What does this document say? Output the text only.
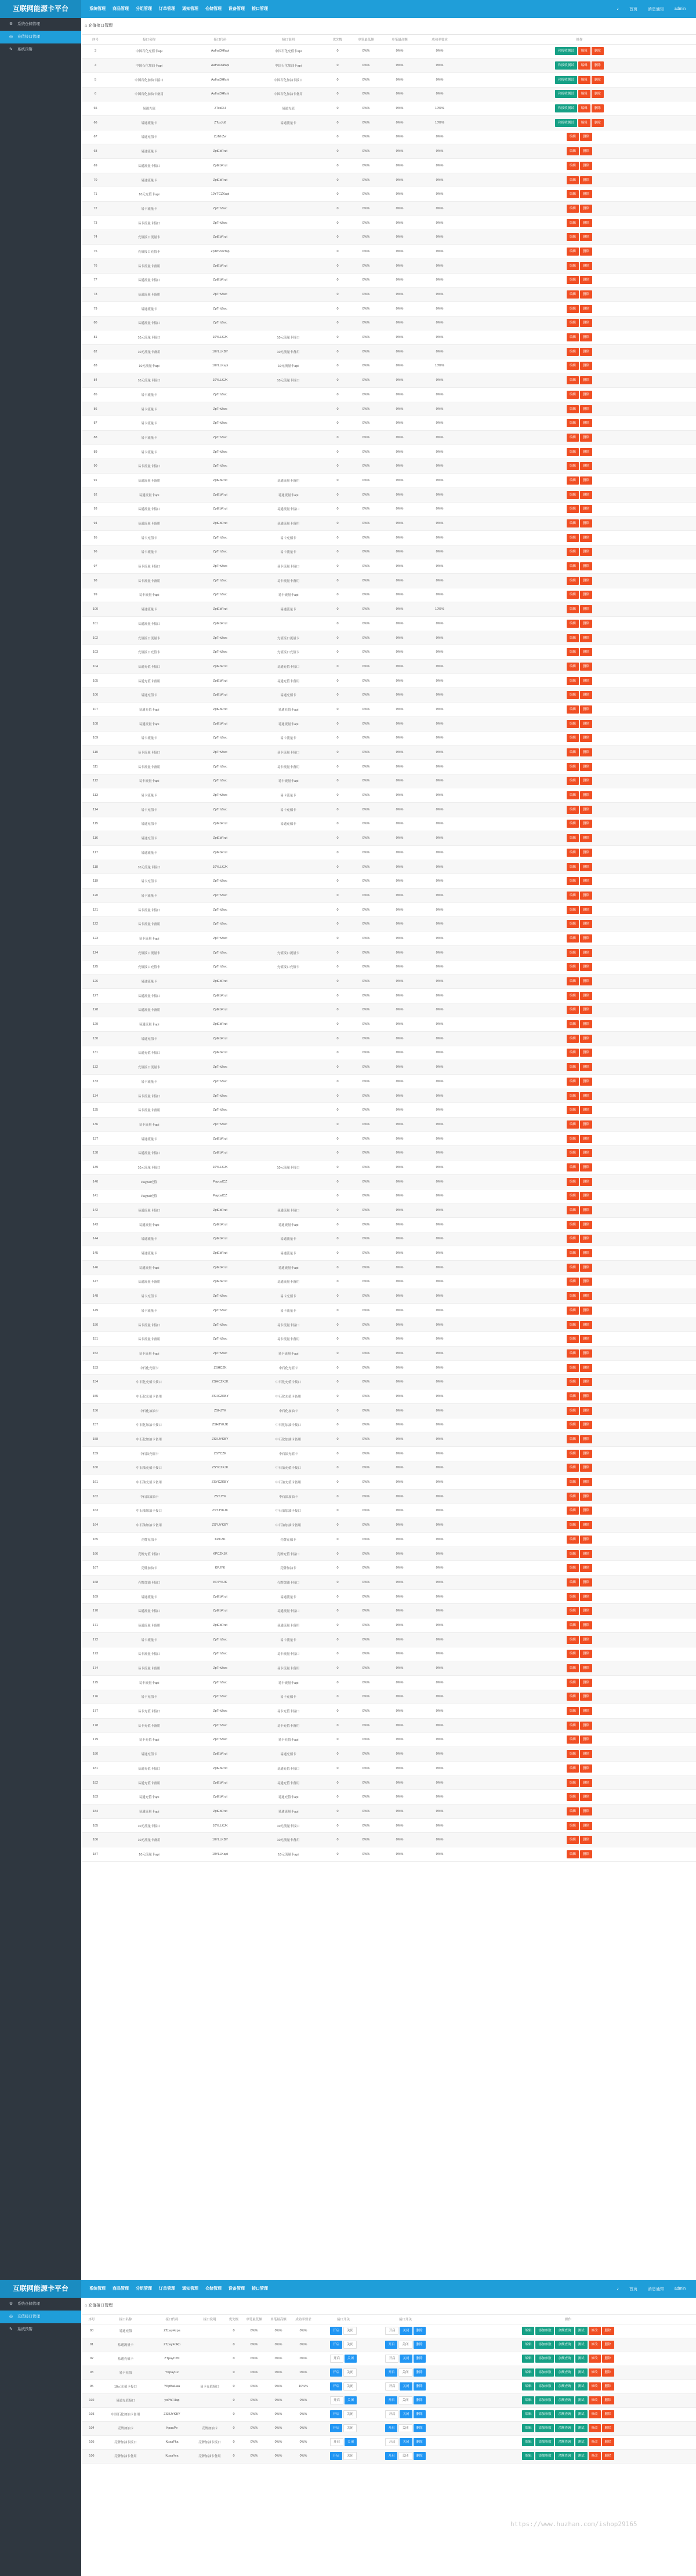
互联网能源卡平台	系统管理	商品管理	分组管理	订单管理	通知管理	仓储管理	设备管理	接口管理	♪	首页	消息通知	admin
⚙ 系统仓储管理
◎ 充值接口管理
✎ 系统预警
⌂ 充值接口管理
序号	接口名称	接口代码	接口说明	优先级	单笔最低额	单笔最高额	成功率要求	操作
3	中国石化充值卡api	AafhaDHfapi	中国石化充值卡api	0	0%%	0%%	0%%	和接收测试 编辑 删除
4	中国石化加油卡api	AafhaDHfapi	中国石化加油卡api	0	0%%	0%%	0%%	和接收测试 编辑 删除
5	中国石化加油卡接口	AafhaDHfshi	中国石化加油卡接口	0	0%%	0%%	0%%	和接收测试 编辑 删除
6	中国石化加油卡备用	AafhaDHfshi	中国石化加油卡备用	0	0%%	0%%	0%%	和接收测试 编辑 删除
65	易通充值	ZTcsDH	易通充值	0	0%%	0%%	10%%	和接收测试 编辑 删除
66	易通流量卡	ZTcsJo8	易通流量卡	0	0%%	0%%	10%%	和接收测试 编辑 删除
67	易通充值卡	ZpTrhZw		0	0%%	0%%	0%%	编辑 删除
68	易通流量卡	ZptEbRrzt		0	0%%	0%%	0%%	编辑 删除
69	易通流量卡接口	ZptEbRrzt		0	0%%	0%%	0%%	编辑 删除
70	易通流量卡	ZptEbRrzt		0	0%%	0%%	0%%	编辑 删除
71	10元充值卡api	10YTCZKapi		0	0%%	0%%	0%%	编辑 删除
72	易卡流量卡	ZpTrhZwc		0	0%%	0%%	0%%	编辑 删除
73	易卡流量卡接口	ZpTrhZwc		0	0%%	0%%	0%%	编辑 删除
74	充值接口流量卡	ZptEbRrzt		0	0%%	0%%	0%%	编辑 删除
75	充值接口充值卡	ZpTrhZwcfap		0	0%%	0%%	0%%	编辑 删除
76	易卡流量卡备用	ZptEbRrzt		0	0%%	0%%	0%%	编辑 删除
77	易通流量卡接口	ZptEbRrzt		0	0%%	0%%	0%%	编辑 删除
78	易通流量卡备用	ZpTrhZwc		0	0%%	0%%	0%%	编辑 删除
79	易通流量卡	ZpTrhZwc		0	0%%	0%%	0%%	编辑 删除
80	易通流量卡接口	ZpTrhZwc		0	0%%	0%%	0%%	编辑 删除
81	10元流量卡接口	10YLLKJK	10元流量卡接口	0	0%%	0%%	0%%	编辑 删除
82	10元流量卡备用	10YLLKBY	10元流量卡备用	0	0%%	0%%	0%%	编辑 删除
83	10元流量卡api	10YLLKapi	10元流量卡api	0	0%%	0%%	10%%	编辑 删除
84	10元流量卡接口	10YLLKJK	10元流量卡接口	0	0%%	0%%	0%%	编辑 删除
85	易卡流量卡	ZpTrhZwc		0	0%%	0%%	0%%	编辑 删除
86	易卡流量卡	ZpTrhZwc		0	0%%	0%%	0%%	编辑 删除
87	易卡流量卡	ZpTrhZwc		0	0%%	0%%	0%%	编辑 删除
88	易卡流量卡	ZpTrhZwc		0	0%%	0%%	0%%	编辑 删除
89	易卡流量卡	ZpTrhZwc		0	0%%	0%%	0%%	编辑 删除
90	易卡流量卡接口	ZpTrhZwc		0	0%%	0%%	0%%	编辑 删除
91	易通流量卡备用	ZptEbRrzt	易通流量卡备用	0	0%%	0%%	0%%	编辑 删除
92	易通流量卡api	ZptEbRrzt	易通流量卡api	0	0%%	0%%	0%%	编辑 删除
93	易通流量卡接口	ZptEbRrzt	易通流量卡接口	0	0%%	0%%	0%%	编辑 删除
94	易通流量卡备用	ZptEbRrzt	易通流量卡备用	0	0%%	0%%	0%%	编辑 删除
95	易卡充值卡	ZpTrhZwc	易卡充值卡	0	0%%	0%%	0%%	编辑 删除
96	易卡流量卡	ZpTrhZwc	易卡流量卡	0	0%%	0%%	0%%	编辑 删除
97	易卡流量卡接口	ZpTrhZwc	易卡流量卡接口	0	0%%	0%%	0%%	编辑 删除
98	易卡流量卡备用	ZpTrhZwc	易卡流量卡备用	0	0%%	0%%	0%%	编辑 删除
99	易卡流量卡api	ZpTrhZwc	易卡流量卡api	0	0%%	0%%	0%%	编辑 删除
100	易通流量卡	ZptEbRrzt	易通流量卡	0	0%%	0%%	10%%	编辑 删除
101	易通流量卡接口	ZptEbRrzt		0	0%%	0%%	0%%	编辑 删除
102	充值接口流量卡	ZpTrhZwc	充值接口流量卡	0	0%%	0%%	0%%	编辑 删除
103	充值接口充值卡	ZpTrhZwc	充值接口充值卡	0	0%%	0%%	0%%	编辑 删除
104	易通充值卡接口	ZptEbRrzt	易通充值卡接口	0	0%%	0%%	0%%	编辑 删除
105	易通充值卡备用	ZptEbRrzt	易通充值卡备用	0	0%%	0%%	0%%	编辑 删除
106	易通充值卡	ZptEbRrzt	易通充值卡	0	0%%	0%%	0%%	编辑 删除
107	易通充值卡api	ZptEbRrzt	易通充值卡api	0	0%%	0%%	0%%	编辑 删除
108	易通流量卡api	ZptEbRrzt	易通流量卡api	0	0%%	0%%	0%%	编辑 删除
109	易卡流量卡	ZpTrhZwc	易卡流量卡	0	0%%	0%%	0%%	编辑 删除
110	易卡流量卡接口	ZpTrhZwc	易卡流量卡接口	0	0%%	0%%	0%%	编辑 删除
111	易卡流量卡备用	ZpTrhZwc	易卡流量卡备用	0	0%%	0%%	0%%	编辑 删除
112	易卡流量卡api	ZpTrhZwc	易卡流量卡api	0	0%%	0%%	0%%	编辑 删除
113	易卡流量卡	ZpTrhZwc	易卡流量卡	0	0%%	0%%	0%%	编辑 删除
114	易卡充值卡	ZpTrhZwc	易卡充值卡	0	0%%	0%%	0%%	编辑 删除
115	易通充值卡	ZptEbRrzt	易通充值卡	0	0%%	0%%	0%%	编辑 删除
116	易通充值卡	ZptEbRrzt		0	0%%	0%%	0%%	编辑 删除
117	易通流量卡	ZptEbRrzt		0	0%%	0%%	0%%	编辑 删除
118	10元流量卡接口	10YLLKJK		0	0%%	0%%	0%%	编辑 删除
119	易卡充值卡	ZpTrhZwc		0	0%%	0%%	0%%	编辑 删除
120	易卡流量卡	ZpTrhZwc		0	0%%	0%%	0%%	编辑 删除
121	易卡流量卡接口	ZpTrhZwc		0	0%%	0%%	0%%	编辑 删除
122	易卡流量卡备用	ZpTrhZwc		0	0%%	0%%	0%%	编辑 删除
123	易卡流量卡api	ZpTrhZwc		0	0%%	0%%	0%%	编辑 删除
124	充值接口流量卡	ZpTrhZwc	充值接口流量卡	0	0%%	0%%	0%%	编辑 删除
125	充值接口充值卡	ZpTrhZwc	充值接口充值卡	0	0%%	0%%	0%%	编辑 删除
126	易通流量卡	ZptEbRrzt		0	0%%	0%%	0%%	编辑 删除
127	易通流量卡接口	ZptEbRrzt		0	0%%	0%%	0%%	编辑 删除
128	易通流量卡备用	ZptEbRrzt		0	0%%	0%%	0%%	编辑 删除
129	易通流量卡api	ZptEbRrzt		0	0%%	0%%	0%%	编辑 删除
130	易通充值卡	ZptEbRrzt		0	0%%	0%%	0%%	编辑 删除
131	易通充值卡接口	ZptEbRrzt		0	0%%	0%%	0%%	编辑 删除
132	充值接口流量卡	ZpTrhZwc		0	0%%	0%%	0%%	编辑 删除
133	易卡流量卡	ZpTrhZwc		0	0%%	0%%	0%%	编辑 删除
134	易卡流量卡接口	ZpTrhZwc		0	0%%	0%%	0%%	编辑 删除
135	易卡流量卡备用	ZpTrhZwc		0	0%%	0%%	0%%	编辑 删除
136	易卡流量卡api	ZpTrhZwc		0	0%%	0%%	0%%	编辑 删除
137	易通流量卡	ZptEbRrzt		0	0%%	0%%	0%%	编辑 删除
138	易通流量卡接口	ZptEbRrzt		0	0%%	0%%	0%%	编辑 删除
139	10元流量卡接口	10YLLKJK	10元流量卡接口	0	0%%	0%%	0%%	编辑 删除
140	Paypal充值	PaypalCZ		0	0%%	0%%	0%%	编辑 删除
141	Paypal充值	PaypalCZ		0	0%%	0%%	0%%	编辑 删除
142	易通流量卡接口	ZptEbRrzt	易通流量卡接口	0	0%%	0%%	0%%	编辑 删除
143	易通流量卡api	ZptEbRrzt	易通流量卡api	0	0%%	0%%	0%%	编辑 删除
144	易通流量卡	ZptEbRrzt	易通流量卡	0	0%%	0%%	0%%	编辑 删除
145	易通流量卡	ZptEbRrzt	易通流量卡	0	0%%	0%%	0%%	编辑 删除
146	易通流量卡api	ZptEbRrzt	易通流量卡api	0	0%%	0%%	0%%	编辑 删除
147	易通流量卡备用	ZptEbRrzt	易通流量卡备用	0	0%%	0%%	0%%	编辑 删除
148	易卡充值卡	ZpTrhZwc	易卡充值卡	0	0%%	0%%	0%%	编辑 删除
149	易卡流量卡	ZpTrhZwc	易卡流量卡	0	0%%	0%%	0%%	编辑 删除
150	易卡流量卡接口	ZpTrhZwc	易卡流量卡接口	0	0%%	0%%	0%%	编辑 删除
151	易卡流量卡备用	ZpTrhZwc	易卡流量卡备用	0	0%%	0%%	0%%	编辑 删除
152	易卡流量卡api	ZpTrhZwc	易卡流量卡api	0	0%%	0%%	0%%	编辑 删除
153	中石化充值卡	ZSHCZK	中石化充值卡	0	0%%	0%%	0%%	编辑 删除
154	中石化充值卡接口	ZSHCZKJK	中石化充值卡接口	0	0%%	0%%	0%%	编辑 删除
155	中石化充值卡备用	ZSHCZKBY	中石化充值卡备用	0	0%%	0%%	0%%	编辑 删除
156	中石化加油卡	ZSHJYK	中石化加油卡	0	0%%	0%%	0%%	编辑 删除
157	中石化加油卡接口	ZSHJYKJK	中石化加油卡接口	0	0%%	0%%	0%%	编辑 删除
158	中石化加油卡备用	ZSHJYKBY	中石化加油卡备用	0	0%%	0%%	0%%	编辑 删除
159	中石油充值卡	ZSYCZK	中石油充值卡	0	0%%	0%%	0%%	编辑 删除
160	中石油充值卡接口	ZSYCZKJK	中石油充值卡接口	0	0%%	0%%	0%%	编辑 删除
161	中石油充值卡备用	ZSYCZKBY	中石油充值卡备用	0	0%%	0%%	0%%	编辑 删除
162	中石油加油卡	ZSYJYK	中石油加油卡	0	0%%	0%%	0%%	编辑 删除
163	中石油加油卡接口	ZSYJYKJK	中石油加油卡接口	0	0%%	0%%	0%%	编辑 删除
164	中石油加油卡备用	ZSYJYKBY	中石油加油卡备用	0	0%%	0%%	0%%	编辑 删除
165	壳牌充值卡	KPCZK	壳牌充值卡	0	0%%	0%%	0%%	编辑 删除
166	壳牌充值卡接口	KPCZKJK	壳牌充值卡接口	0	0%%	0%%	0%%	编辑 删除
167	壳牌加油卡	KPJYK	壳牌加油卡	0	0%%	0%%	0%%	编辑 删除
168	壳牌加油卡接口	KPJYKJK	壳牌加油卡接口	0	0%%	0%%	0%%	编辑 删除
169	易通流量卡	ZptEbRrzt	易通流量卡	0	0%%	0%%	0%%	编辑 删除
170	易通流量卡接口	ZptEbRrzt	易通流量卡接口	0	0%%	0%%	0%%	编辑 删除
171	易通流量卡备用	ZptEbRrzt	易通流量卡备用	0	0%%	0%%	0%%	编辑 删除
172	易卡流量卡	ZpTrhZwc	易卡流量卡	0	0%%	0%%	0%%	编辑 删除
173	易卡流量卡接口	ZpTrhZwc	易卡流量卡接口	0	0%%	0%%	0%%	编辑 删除
174	易卡流量卡备用	ZpTrhZwc	易卡流量卡备用	0	0%%	0%%	0%%	编辑 删除
175	易卡流量卡api	ZpTrhZwc	易卡流量卡api	0	0%%	0%%	0%%	编辑 删除
176	易卡充值卡	ZpTrhZwc	易卡充值卡	0	0%%	0%%	0%%	编辑 删除
177	易卡充值卡接口	ZpTrhZwc	易卡充值卡接口	0	0%%	0%%	0%%	编辑 删除
178	易卡充值卡备用	ZpTrhZwc	易卡充值卡备用	0	0%%	0%%	0%%	编辑 删除
179	易卡充值卡api	ZpTrhZwc	易卡充值卡api	0	0%%	0%%	0%%	编辑 删除
180	易通充值卡	ZptEbRrzt	易通充值卡	0	0%%	0%%	0%%	编辑 删除
181	易通充值卡接口	ZptEbRrzt	易通充值卡接口	0	0%%	0%%	0%%	编辑 删除
182	易通充值卡备用	ZptEbRrzt	易通充值卡备用	0	0%%	0%%	0%%	编辑 删除
183	易通充值卡api	ZptEbRrzt	易通充值卡api	0	0%%	0%%	0%%	编辑 删除
184	易通流量卡api	ZptEbRrzt	易通流量卡api	0	0%%	0%%	0%%	编辑 删除
185	10元流量卡接口	10YLLKJK	10元流量卡接口	0	0%%	0%%	0%%	编辑 删除
186	10元流量卡备用	10YLLKBY	10元流量卡备用	0	0%%	0%%	0%%	编辑 删除
187	10元流量卡api	10YLLKapi	10元流量卡api	0	0%%	0%%	0%%	编辑 删除
互联网能源卡平台	系统管理	商品管理	分组管理	订单管理	通知管理	仓储管理	设备管理	接口管理	♪	首页	消息通知	admin
⚙ 系统仓储管理
◎ 充值接口管理
✎ 系统预警
⌂ 充值接口管理
序号	接口名称	接口代码	接口说明	优先级	单笔最低额	单笔最高额	成功率要求	接口开关	接口开关	操作
90	易通充值	ZTpayHxpa		0	0%%	0%%	0%%	开启 关闭	开启 关闭 删除	编辑 添加参数 余额查询 测试 修改 删除
91	易通流量卡	ZTpayFoRp		0	0%%	0%%	0%%	开启 关闭	开启 关闭 删除	编辑 添加参数 余额查询 测试 修改 删除
92	易通充值卡	ZTpayCZK		0	0%%	0%%	0%%	开启 关闭	开启 关闭 删除	编辑 添加参数 余额查询 测试 修改 删除
93	易卡充值	YKpayCZ		0	0%%	0%%	0%%	开启 关闭	开启 关闭 删除	编辑 添加参数 余额查询 测试 修改 删除
95	10元充值卡接口	YKpBaHaa	易卡充值接口	0	0%%	0%%	10%%	开启 关闭	开启 关闭 删除	编辑 添加参数 余额查询 测试 修改 删除
102	易通充值接口	yoPhFHap		0	0%%	0%%	0%%	开启 关闭	开启 关闭 删除	编辑 添加参数 余额查询 测试 修改 删除
103	中国石化加油卡备用	ZSHJYKBY		0	0%%	0%%	0%%	开启 关闭	开启 关闭 删除	编辑 添加参数 余额查询 测试 修改 删除
104	壳牌加油卡	KpaaPe	壳牌加油卡	0	0%%	0%%	0%%	开启 关闭	开启 关闭 删除	编辑 添加参数 余额查询 测试 修改 删除
105	壳牌加油卡接口	KpaaFka	壳牌加油卡接口	0	0%%	0%%	0%%	开启 关闭	开启 关闭 删除	编辑 添加参数 余额查询 测试 修改 删除
106	壳牌加油卡备用	KpaaYea	壳牌加油卡备用	0	0%%	0%%	0%%	开启 关闭	开启 关闭 删除	编辑 添加参数 余额查询 测试 修改 删除
https://www.huzhan.com/ishop29165
